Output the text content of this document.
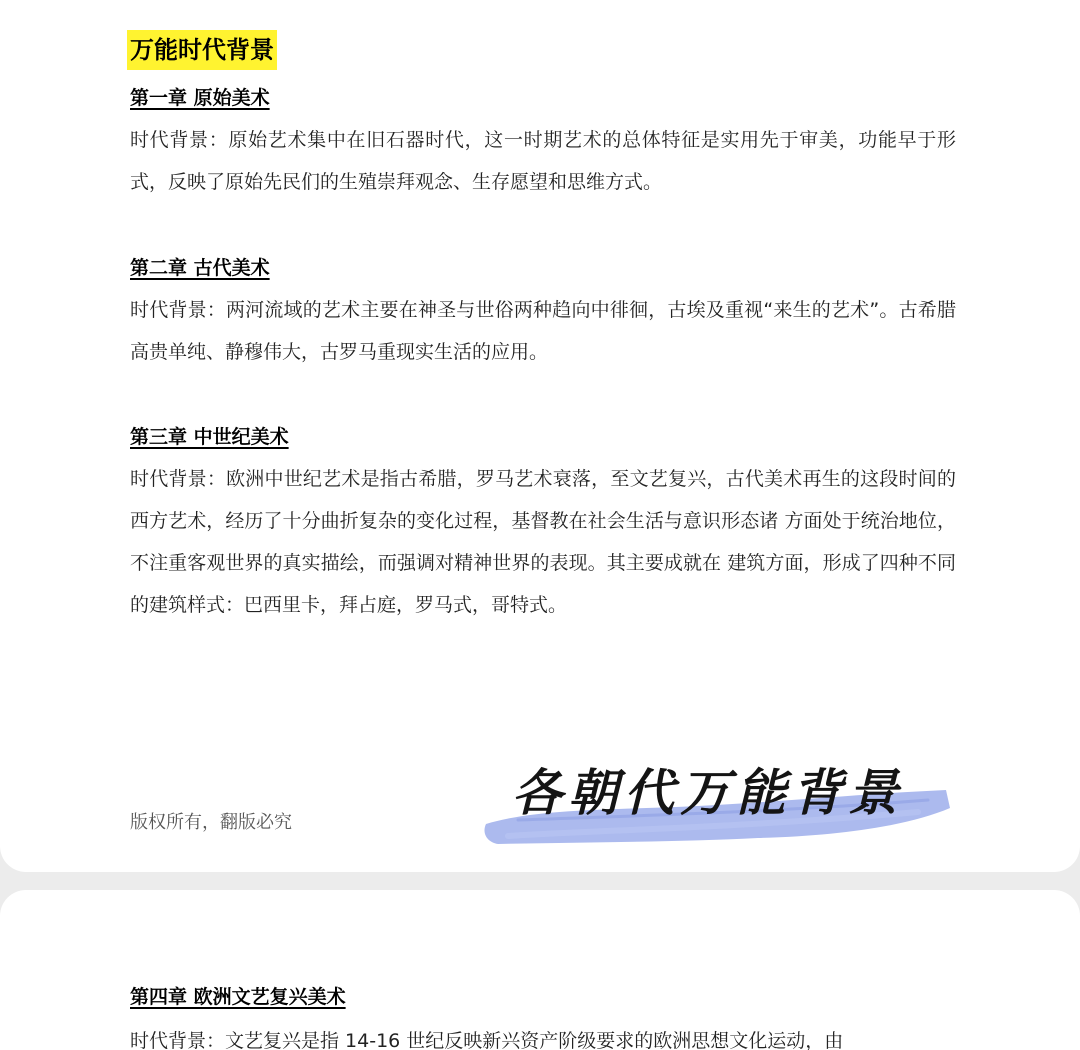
万能时代背景
第一章 原始美术

时代背景：原始艺术集中在旧石器时代，这一时期艺术的总体特征是实用先于审美，功能早于形式，反映了原始先民们的生殖崇拜观念、生存愿望和思维方式。

第二章 古代美术

时代背景：两河流域的艺术主要在神圣与世俗两种趋向中徘徊，古埃及重视“来生的艺术”。古希腊高贵单纯、静穆伟大，古罗马重现实生活的应用。

第三章 中世纪美术

时代背景：欧洲中世纪艺术是指古希腊，罗马艺术衰落，至文艺复兴，古代美术再生的这段时间的西方艺术，经历了十分曲折复杂的变化过程，基督教在社会生活与意识形态诸 方面处于统治地位，不注重客观世界的真实描绘，而强调对精神世界的表现。其主要成就在 建筑方面，形成了四种不同的建筑样式：巴西里卡，拜占庭，罗马式，哥特式。

版权所有，翻版必究
各朝代万能背景
第四章 欧洲文艺复兴美术

时代背景：文艺复兴是指 14-16 世纪反映新兴资产阶级要求的欧洲思想文化运动，由
